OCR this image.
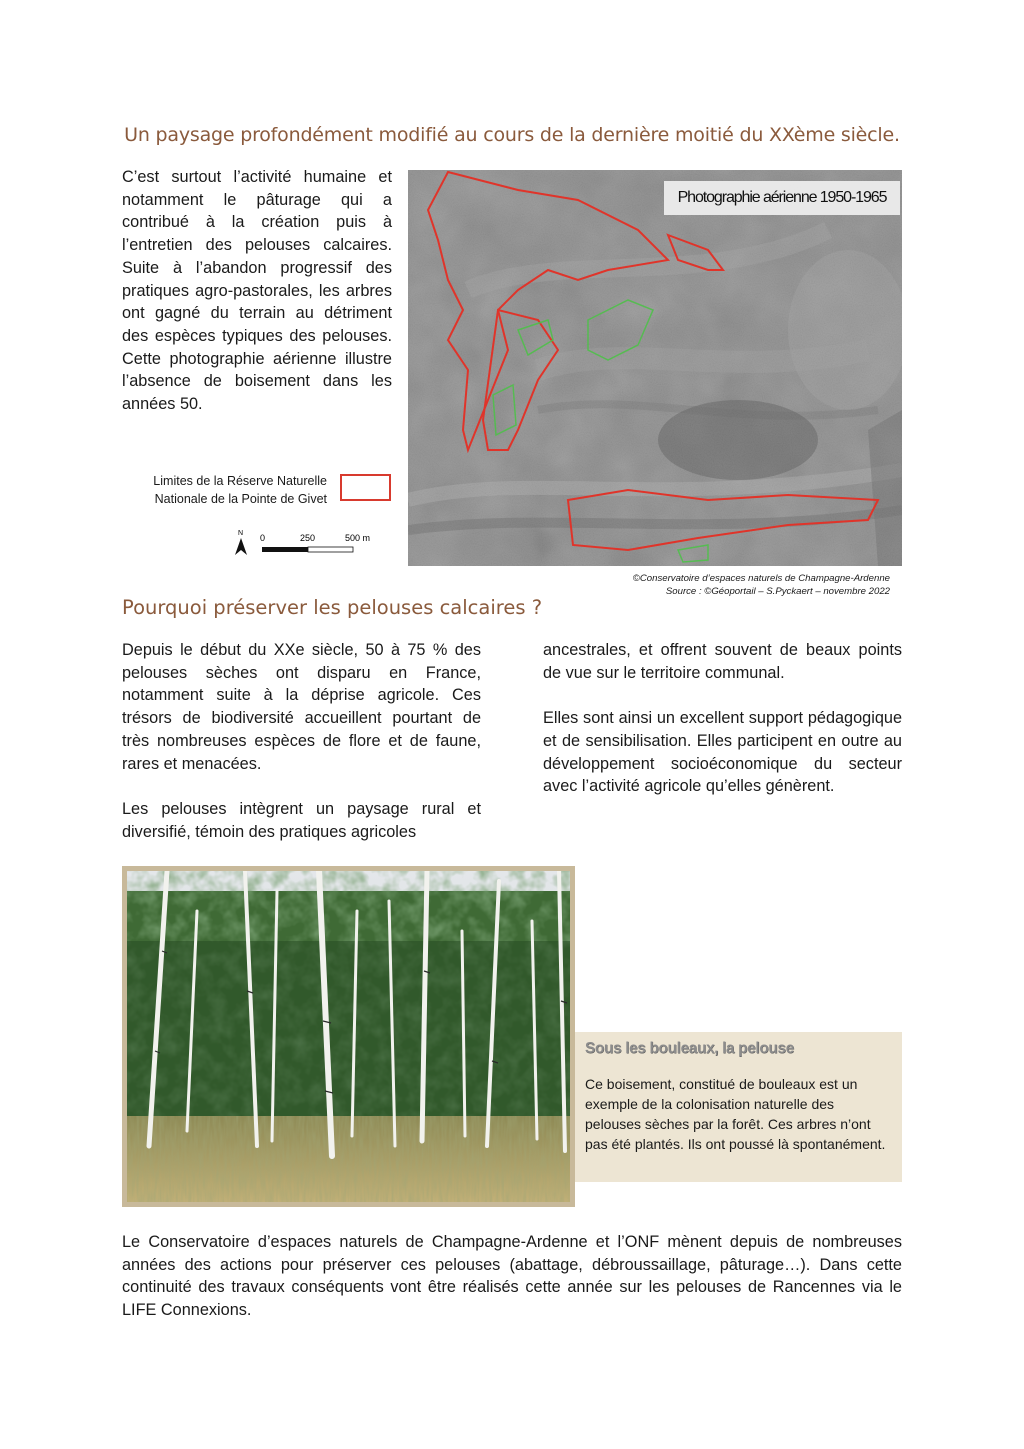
Un paysage profondément modifié au cours de la dernière moitié du XXème siècle.
C’est surtout l’activité humaine et notamment le pâturage qui a contribué à la création puis à l’entretien des pelouses calcaires. Suite à l’abandon progressif des pratiques agro-pastorales, les arbres ont gagné du terrain au détriment des espèces typiques des pelouses. Cette photographie aérienne illustre l’absence de boisement dans les années 50.
Limites de la Réserve Naturelle
Nationale de la Pointe de Givet
N 0	250	500 m
Photographie aérienne 1950-1965
©Conservatoire d’espaces naturels de Champagne-Ardenne
Source : ©Géoportail – S.Pyckaert – novembre 2022
Pourquoi préserver les pelouses calcaires ?

Depuis le début du XXe siècle, 50 à 75 % des pelouses sèches ont disparu en France, notamment suite à la déprise agricole. Ces trésors de biodiversité accueillent pourtant de très nombreuses espèces de flore et de faune, rares et menacées.

Les pelouses intègrent un paysage rural et diversifié, témoin des pratiques agricoles

ancestrales, et offrent souvent de beaux points de vue sur le territoire communal.

Elles sont ainsi un excellent support pédagogique et de sensibilisation. Elles participent en outre au développement socioéconomique du secteur avec l’activité agricole qu’elles génèrent.

Sous les bouleaux, la pelouse

Ce boisement, constitué de bouleaux est un exemple de la colonisation naturelle des pelouses sèches par la forêt. Ces arbres n’ont pas été plantés. Ils ont poussé là spontanément.

Le Conservatoire d’espaces naturels de Champagne-Ardenne et l’ONF mènent depuis de nombreuses années des actions pour préserver ces pelouses (abattage, débroussaillage, pâturage…). Dans cette continuité des travaux conséquents vont être réalisés cette année sur les pelouses de Rancennes via le LIFE Connexions.
